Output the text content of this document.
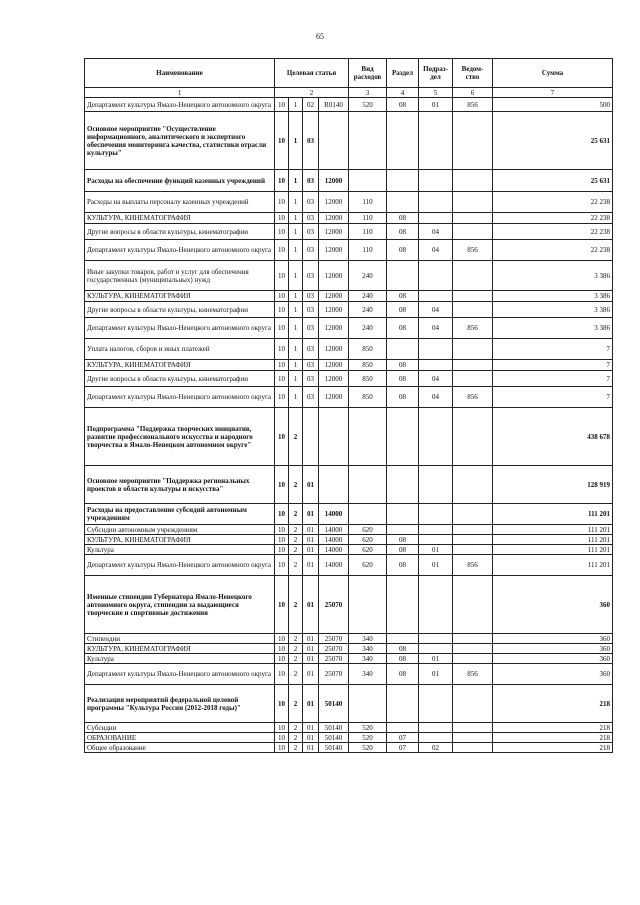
65
Наименование	Целевая статья				Вид расходов	Раздел	Подраз-дел	Ведом-ство	Сумма
1	2				3	4	5	6	7
Департамент культуры Ямало-Ненецкого автономного округа	10	1	02	R0140	520	08	01	856	500
Основное мероприятие "Осуществление информационного, аналитического и экспертного обеспечения мониторинга качества, статистики отрасли культуры"	10	1	03						25 631
Расходы на обеспечение функций казенных учреждений	10	1	03	12000					25 631
Расходы на выплаты персоналу казенных учреждений	10	1	03	12000	110				22 238
КУЛЬТУРА, КИНЕМАТОГРАФИЯ	10	1	03	12000	110	08			22 238
Другие вопросы в области культуры, кинематографии	10	1	03	12000	110	08	04		22 238
Департамент культуры Ямало-Ненецкого автономного округа	10	1	03	12000	110	08	04	856	22 238
Иные закупки товаров, работ и услуг для обеспечения государственных (муниципальных) нужд	10	1	03	12000	240				3 386
КУЛЬТУРА, КИНЕМАТОГРАФИЯ	10	1	03	12000	240	08			3 386
Другие вопросы в области культуры, кинематографии	10	1	03	12000	240	08	04		3 386
Департамент культуры Ямало-Ненецкого автономного округа	10	1	03	12000	240	08	04	856	3 386
Уплата налогов, сборов и иных платежей	10	1	03	12000	850				7
КУЛЬТУРА, КИНЕМАТОГРАФИЯ	10	1	03	12000	850	08			7
Другие вопросы в области культуры, кинематографии	10	1	03	12000	850	08	04		7
Департамент культуры Ямало-Ненецкого автономного округа	10	1	03	12000	850	08	04	856	7
Подпрограмма "Поддержка творческих инициатив, развитие профессионального искусства и народного творчества в Ямало-Ненецком автономном округе"	10	2							438 678
Основное мероприятие "Поддержка региональных проектов в области культуры и искусства"	10	2	01						128 919
Расходы на предоставление субсидий автономным учреждениям	10	2	01	14000					111 201
Субсидии автономным учреждениям	10	2	01	14000	620				111 201
КУЛЬТУРА, КИНЕМАТОГРАФИЯ	10	2	01	14000	620	08			111 201
Культура	10	2	01	14000	620	08	01		111 201
Департамент культуры Ямало-Ненецкого автономного округа	10	2	01	14000	620	08	01	856	111 201
Именные стипендии Губернатора Ямало-Ненецкого автономного округа, стипендии за выдающиеся творческие и спортивные достижения	10	2	01	25070					360
Стипендии	10	2	01	25070	340				360
КУЛЬТУРА, КИНЕМАТОГРАФИЯ	10	2	01	25070	340	08			360
Культура	10	2	01	25070	340	08	01		360
Департамент культуры Ямало-Ненецкого автономного округа	10	2	01	25070	340	08	01	856	360
Реализация мероприятий федеральной целевой программы "Культура России (2012-2018 годы)"	10	2	01	50140					218
Субсидии	10	2	01	50140	520				218
ОБРАЗОВАНИЕ	10	2	01	50140	520	07			218
Общее образование	10	2	01	50140	520	07	02		218
